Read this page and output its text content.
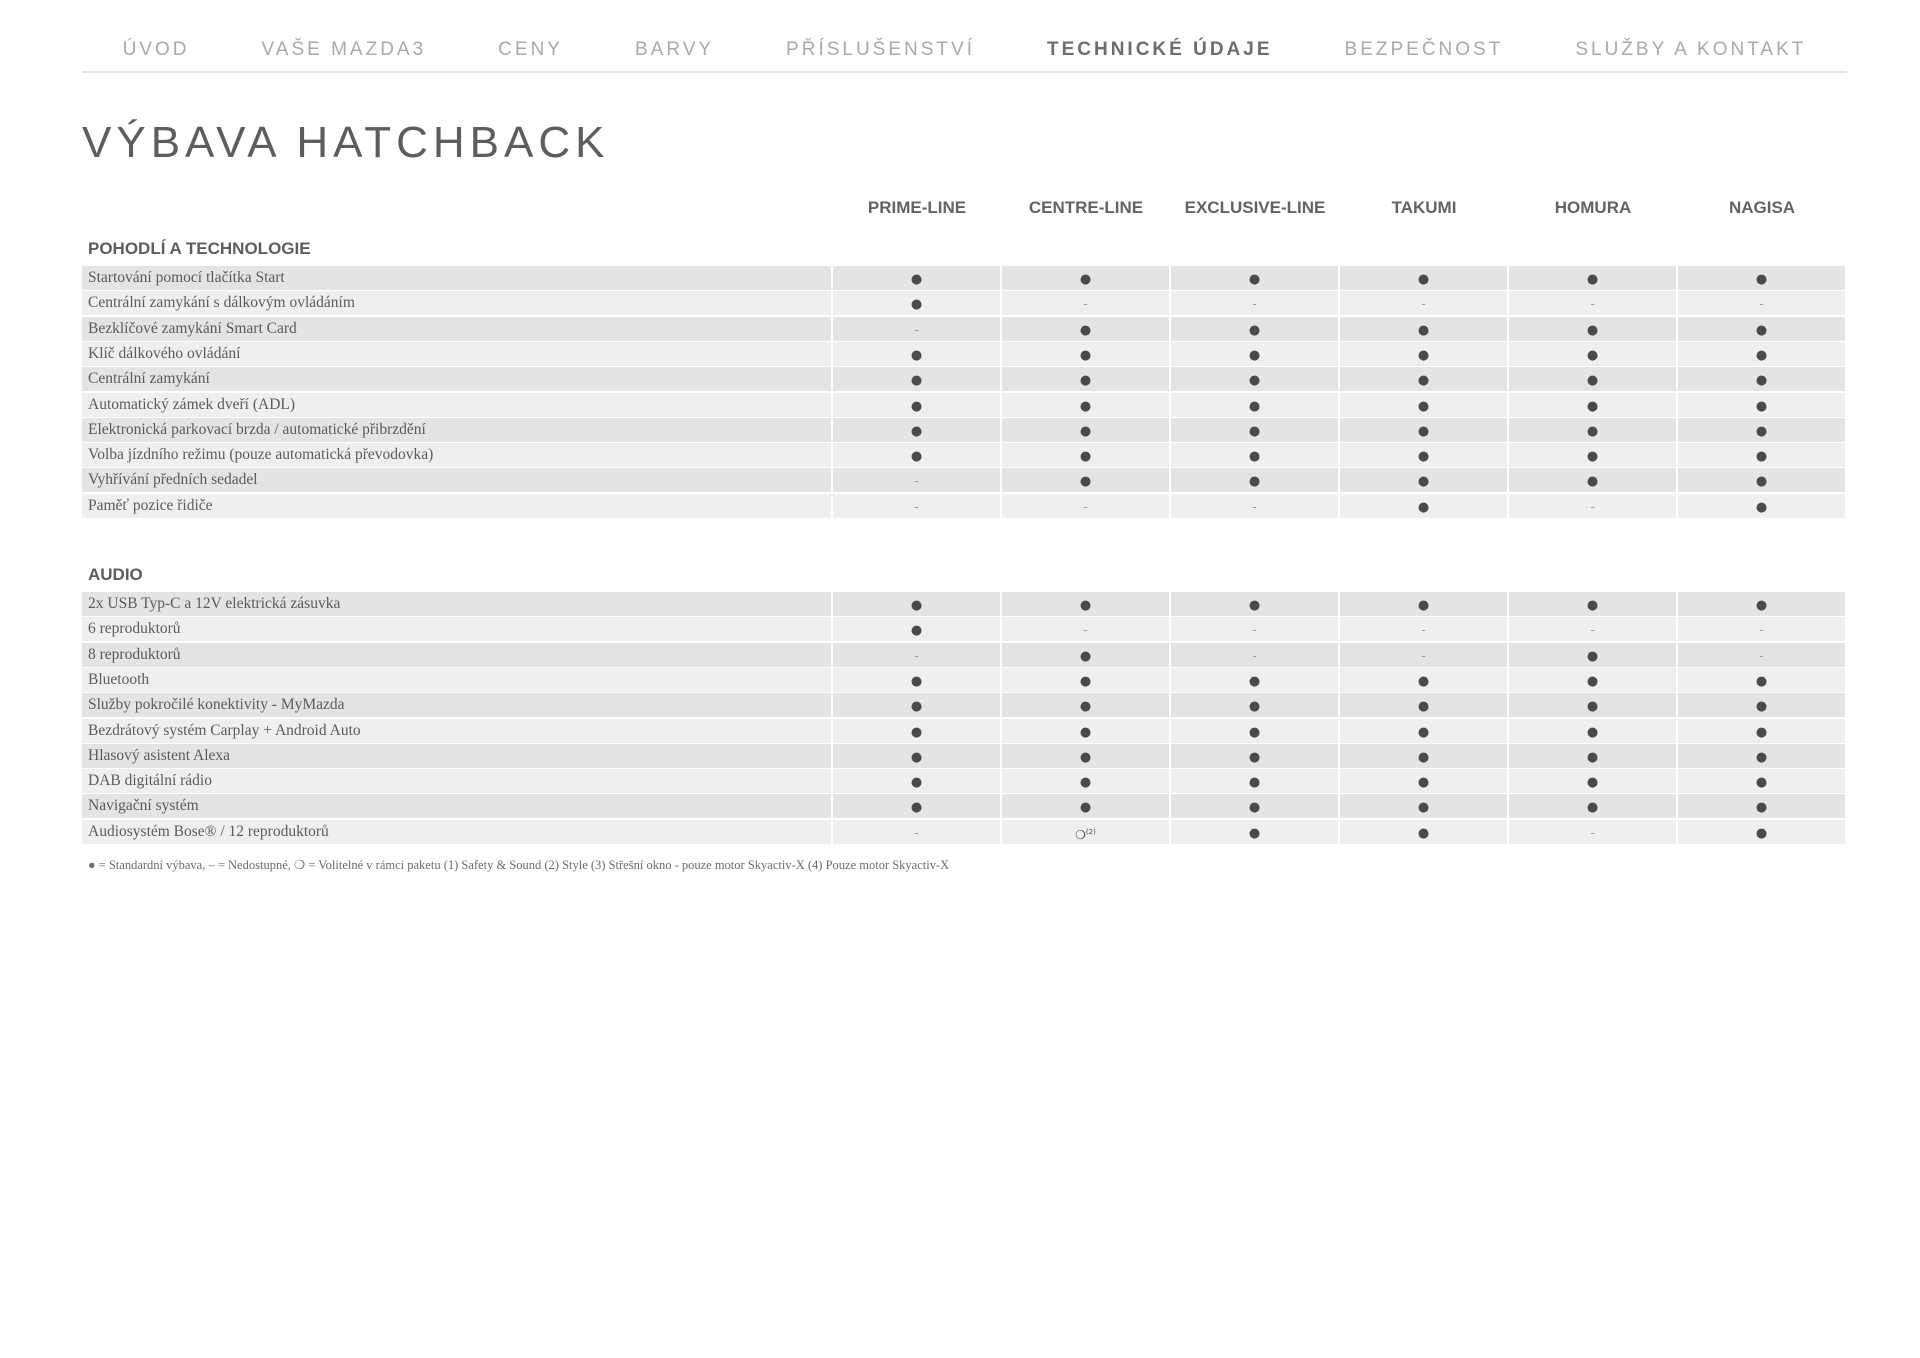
ÚVOD	VAŠE MAZDA3	CENY	BARVY	PŘÍSLUŠENSTVÍ	TECHNICKÉ ÚDAJE	BEZPEČNOST	SLUŽBY A KONTAKT
VÝBAVA HATCHBACK
PRIME-LINE	CENTRE-LINE	EXCLUSIVE-LINE	TAKUMI	HOMURA	NAGISA
POHODLÍ A TECHNOLOGIE
Startování pomocí tlačítka Start	●	●	●	●	●	●
Centrální zamykání s dálkovým ovládáním	●	-	-	-	-	-
Bezklíčové zamykání Smart Card	-	●	●	●	●	●
Klíč dálkového ovládání	●	●	●	●	●	●
Centrální zamykání	●	●	●	●	●	●
Automatický zámek dveří (ADL)	●	●	●	●	●	●
Elektronická parkovací brzda / automatické přibrzdění	●	●	●	●	●	●
Volba jízdního režimu (pouze automatická převodovka)	●	●	●	●	●	●
Vyhřívání předních sedadel	-	●	●	●	●	●
Paměť pozice řidiče	-	-	-	●	-	●
AUDIO
2x USB Typ-C a 12V elektrická zásuvka	●	●	●	●	●	●
6 reproduktorů	●	-	-	-	-	-
8 reproduktorů	-	●	-	-	●	-
Bluetooth	●	●	●	●	●	●
Služby pokročilé konektivity - MyMazda	●	●	●	●	●	●
Bezdrátový systém Carplay + Android Auto	●	●	●	●	●	●
Hlasový asistent Alexa	●	●	●	●	●	●
DAB digitální rádio	●	●	●	●	●	●
Navigační systém	●	●	●	●	●	●
Audiosystém Bose® / 12 reproduktorů	-	❍$^{(2)}$	●	●	-	●
● = Standardní výbava, – = Nedostupné, ❍ = Volitelné v rámci paketu (1) Safety & Sound (2) Style (3) Střešní okno - pouze motor Skyactiv-X (4) Pouze motor Skyactiv-X
